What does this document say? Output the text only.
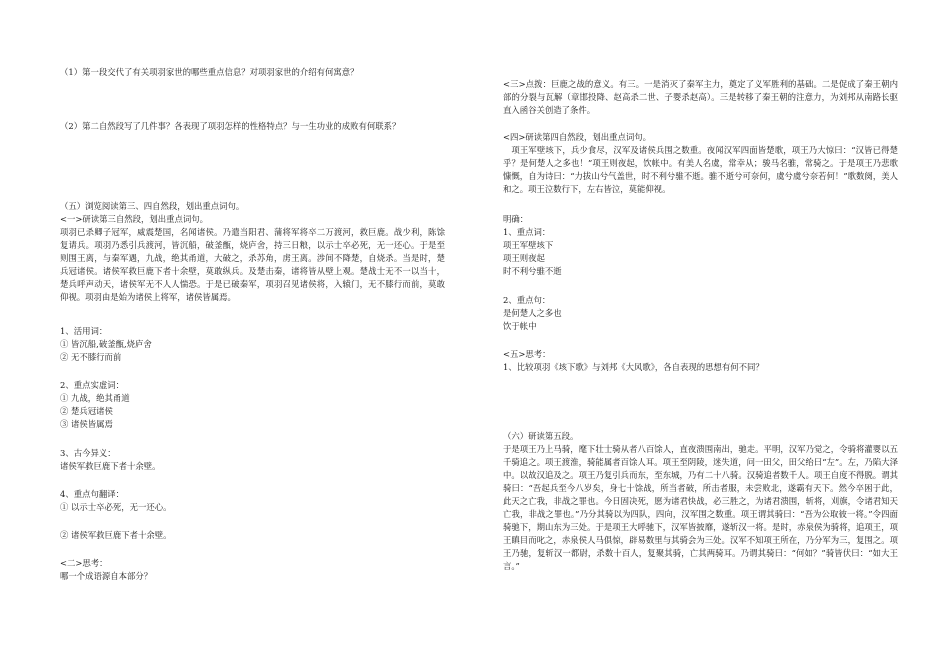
（1）第一段交代了有关项羽家世的哪些重点信息？对项羽家世的介绍有何寓意？

（2）第二自然段写了几件事？各表现了项羽怎样的性格特点？与一生功业的成败有何联系？

（五）浏览阅读第三、四自然段，划出重点词句。

<一>研读第三自然段，划出重点词句。

项羽已杀卿子冠军，威震楚国，名闻诸侯。乃遣当阳君、蒲将军将卒二万渡河，救巨鹿。战少利，陈馀复请兵。项羽乃悉引兵渡河，皆沉船，破釜甑，烧庐舍，持三日粮，以示士卒必死，无一还心。于是至则围王离，与秦军遇，九战，绝其甬道，大破之，杀苏角，虏王离。涉间不降楚，自烧杀。当是时，楚兵冠诸侯。诸侯军救巨鹿下者十余壁，莫敢纵兵。及楚击秦，诸将皆从壁上观。楚战士无不一以当十，楚兵呼声动天，诸侯军无不人人惴恐。于是已破秦军，项羽召见诸侯将，入辕门，无不膝行而前，莫敢仰视。项羽由是始为诸侯上将军，诸侯皆属焉。

1、活用词：

① 皆沉船,破釜甑,烧庐舍

② 无不膝行而前

2、重点实虚词：

① 九战，绝其甬道

② 楚兵冠诸侯

③ 诸侯皆属焉

3、古今异义：

诸侯军救巨鹿下者十余壁。

4、重点句翻译：

① 以示士卒必死，无一还心。

② 诸侯军救巨鹿下者十余壁。

<二>思考：

哪一个成语源自本部分？

<三>点拨：巨鹿之战的意义。有三。一是消灭了秦军主力，奠定了义军胜利的基础。二是促成了秦王朝内部的分裂与瓦解（章邯投降、赵高杀二世、子婴杀赵高）。三是转移了秦王朝的注意力，为刘邦从南路长驱直入函谷关创造了条件。

<四>研读第四自然段，划出重点词句。

项王军壁垓下，兵少食尽，汉军及诸侯兵围之数重。夜闻汉军四面皆楚歌，项王乃大惊曰：“汉皆已得楚乎？是何楚人之多也！”项王则夜起，饮帐中。有美人名虞，常幸从；骏马名骓，常骑之。于是项王乃悲歌慷慨，自为诗曰：“力拔山兮气盖世，时不利兮骓不逝。骓不逝兮可奈何，虞兮虞兮奈若何！”歌数阕，美人和之。项王泣数行下，左右皆泣，莫能仰视。

明确：

1、重点词：

项王军壁垓下

项王则夜起

时不利兮骓不逝

2、重点句：

是何楚人之多也

饮于帐中

<五>思考：

1、比较项羽《垓下歌》与刘邦《大风歌》，各自表现的思想有何不同？

（六）研读第五段。

于是项王乃上马骑，麾下壮士骑从者八百馀人，直夜溃围南出，驰走。平明，汉军乃觉之，令骑将灌婴以五千骑追之。项王渡淮，骑能属者百馀人耳。项王至阴陵，迷失道，问一田父，田父绐曰“左”。左，乃陷大泽中。以故汉追及之。项王乃复引兵而东，至东城，乃有二十八骑。汉骑追者数千人。项王自度不得脱。谓其骑曰：“吾起兵至今八岁矣，身七十馀战，所当者破，所击者服，未尝败北，遂霸有天下。然今卒困于此，此天之亡我，非战之罪也。今日固决死，愿为诸君快战，必三胜之，为诸君溃围，斩将，刈旗，令诸君知天亡我，非战之罪也。”乃分其骑以为四队，四向，汉军围之数重。项王谓其骑曰：“吾为公取彼一将。”令四面骑驰下，期山东为三处。于是项王大呼驰下，汉军皆披靡，遂斩汉一将。是时，赤泉侯为骑将，追项王，项王瞋目而叱之，赤泉侯人马俱惊，辟易数里与其骑会为三处。汉军不知项王所在，乃分军为三，复围之。项王乃驰，复斩汉一都尉，杀数十百人，复聚其骑，亡其两骑耳。乃谓其骑曰：“何如？”骑皆伏曰：“如大王言。”
